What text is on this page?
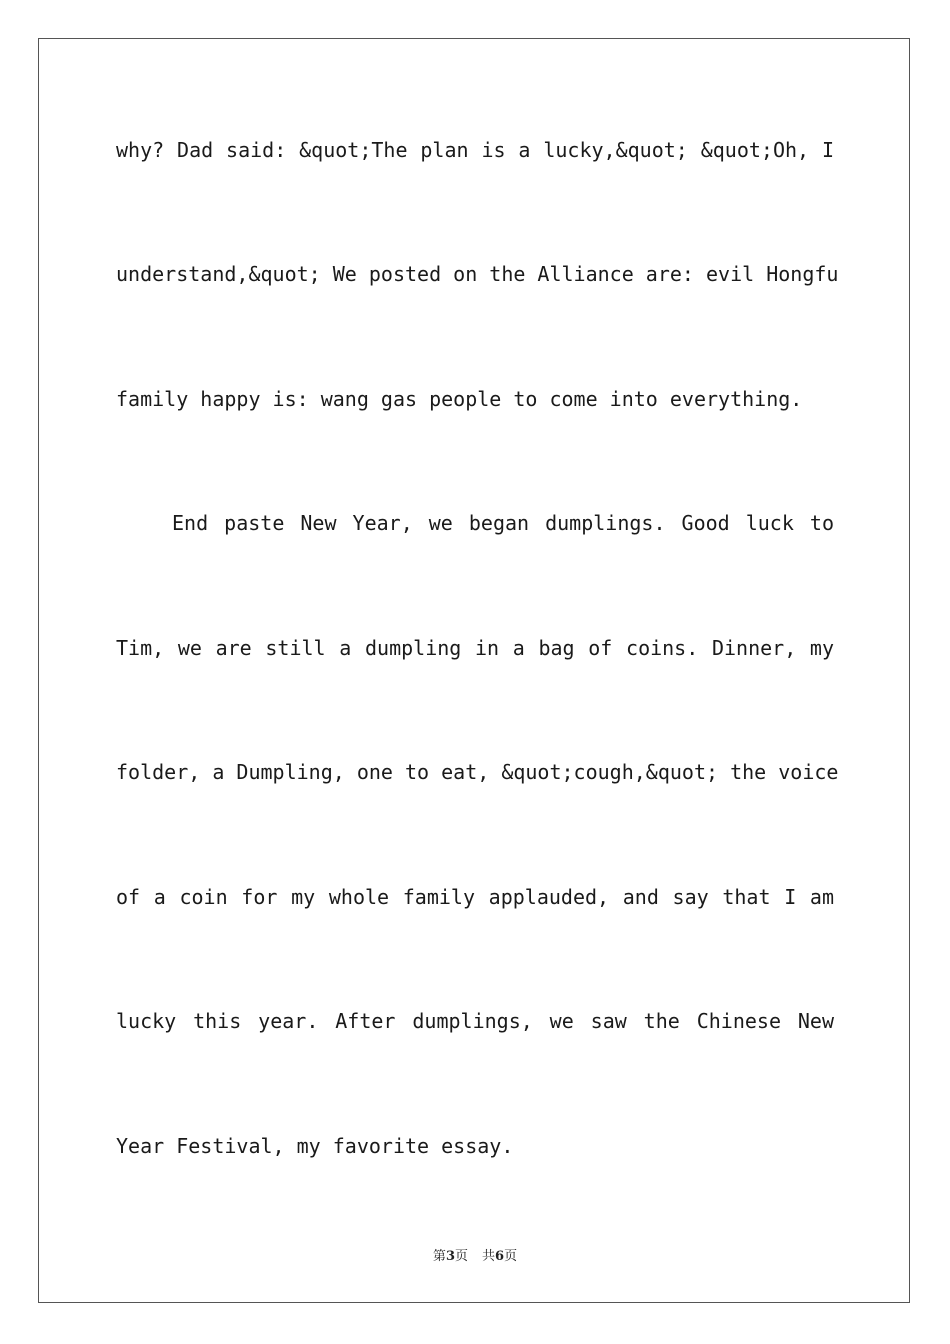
why? Dad said: &quot;The plan is a lucky,&quot; &quot;Oh, I
understand,&quot; We posted on the Alliance are: evil Hongfu
family happy is: wang gas people to come into everything.
End paste New Year, we began dumplings. Good luck to
Tim, we are still a dumpling in a bag of coins. Dinner, my
folder, a Dumpling, one to eat, &quot;cough,&quot; the voice
of a coin for my whole family applauded, and say that I am
lucky this year. After dumplings, we saw the Chinese New
Year Festival, my favorite essay.
第3页 共6页
